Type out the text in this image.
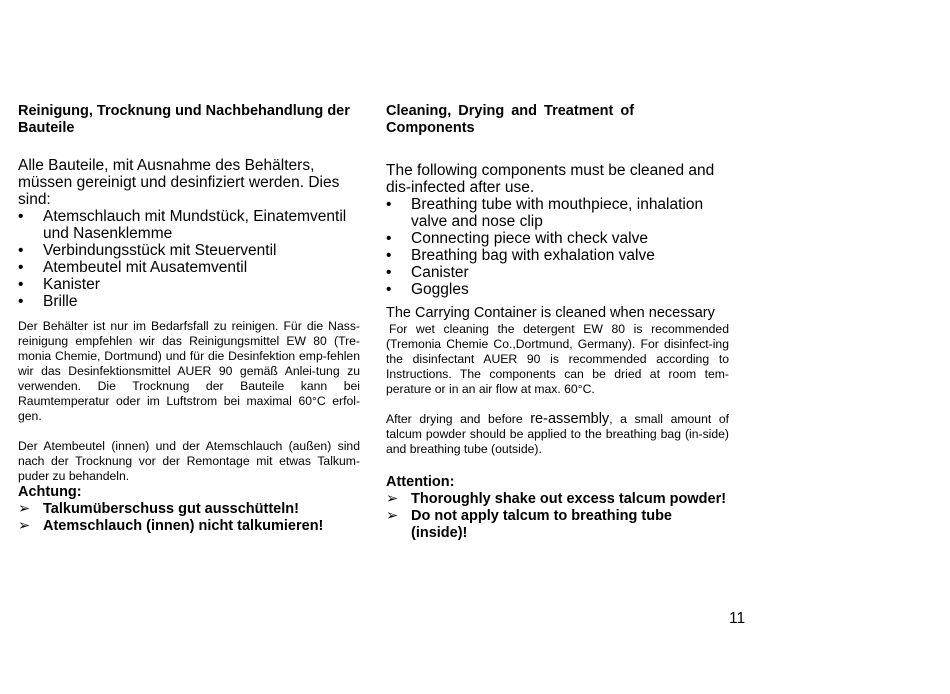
Reinigung, Trocknung und Nachbehandlung der Bauteile

Alle Bauteile, mit Ausnahme des Behälters, müssen gereinigt und desinfiziert werden. Dies sind:

• Atemschlauch mit Mundstück, Einatemventil und Nasenklemme
• Verbindungsstück mit Steuerventil
• Atembeutel mit Ausatemventil
• Kanister
• Brille

Der Behälter ist nur im Bedarfsfall zu reinigen. Für die Nass-reinigung empfehlen wir das Reinigungsmittel EW 80 (Tre-monia Chemie, Dortmund) und für die Desinfektion emp-fehlen wir das Desinfektionsmittel AUER 90 gemäß Anlei-tung zu verwenden. Die Trocknung der Bauteile kann bei Raumtemperatur oder im Luftstrom bei maximal 60°C erfol-gen.

Der Atembeutel (innen) und der Atemschlauch (außen) sind nach der Trocknung vor der Remontage mit etwas Talkum-puder zu behandeln.

Achtung:

➢ Talkumüberschuss gut ausschütteln!
➢ Atemschlauch (innen) nicht talkumieren!

Cleaning, Drying and Treatment of Components

The following components must be cleaned and dis-infected after use.

• Breathing tube with mouthpiece, inhalation valve and nose clip
• Connecting piece with check valve
• Breathing bag with exhalation valve
• Canister
• Goggles

The Carrying Container is cleaned when necessary

For wet cleaning the detergent EW 80 is recommended (Tremonia Chemie Co.,Dortmund, Germany). For disinfect-ing the disinfectant AUER 90 is recommended according to Instructions. The components can be dried at room tem-perature or in an air flow at max. 60°C.

After drying and before re-assembly, a small amount of talcum powder should be applied to the breathing bag (in-side) and breathing tube (outside).

Attention:

➢ Thoroughly shake out excess talcum powder!
➢ Do not apply talcum to breathing tube (inside)!
11
